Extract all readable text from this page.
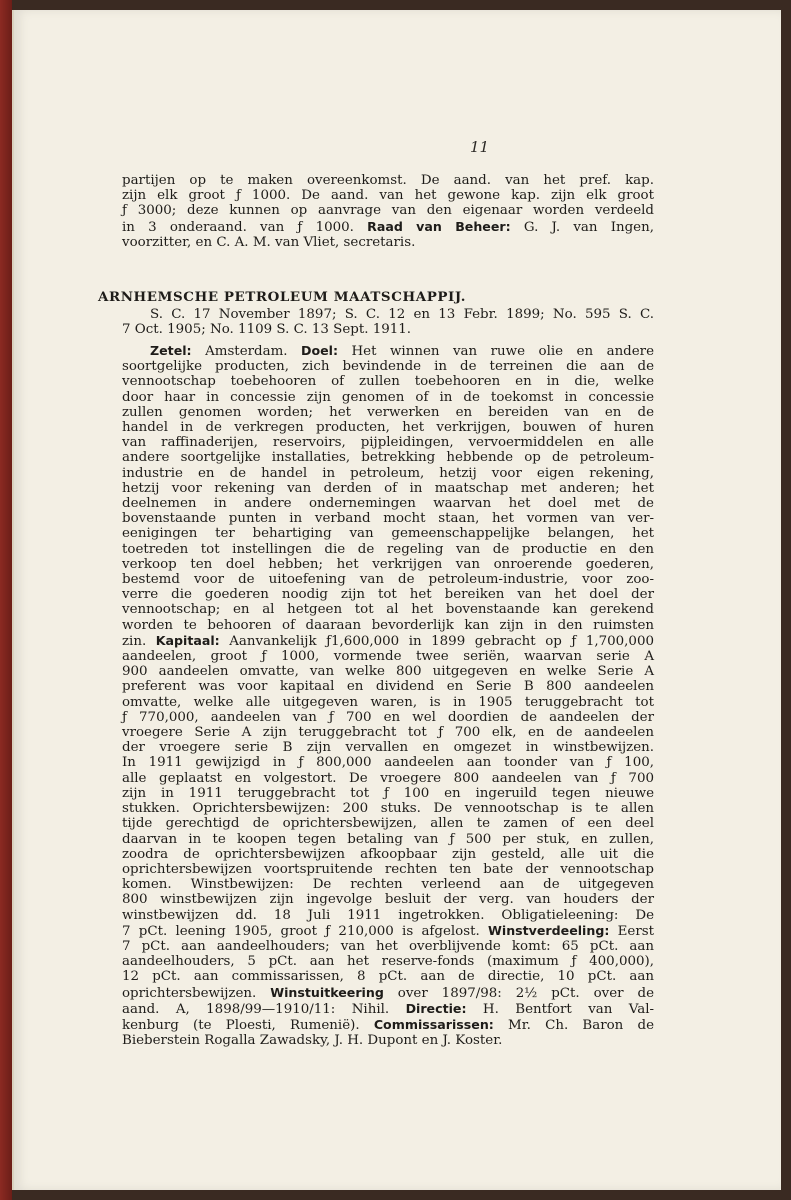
11
partijen op te maken overeenkomst. De aand. van het pref. kap.
zijn elk groot ƒ 1000. De aand. van het gewone kap. zijn elk groot
ƒ 3000; deze kunnen op aanvrage van den eigenaar worden verdeeld
in 3 onderaand. van ƒ 1000. Raad van Beheer: G. J. van Ingen,
voorzitter, en C. A. M. van Vliet, secretaris.
ARNHEMSCHE PETROLEUM MAATSCHAPPIJ.
S. C. 17 November 1897; S. C. 12 en 13 Febr. 1899; No. 595 S. C.
7 Oct. 1905; No. 1109 S. C. 13 Sept. 1911.
Zetel: Amsterdam. Doel: Het winnen van ruwe olie en andere
soortgelijke producten, zich bevindende in de terreinen die aan de
vennootschap toebehooren of zullen toebehooren en in die, welke
door haar in concessie zijn genomen of in de toekomst in concessie
zullen genomen worden; het verwerken en bereiden van en de
handel in de verkregen producten, het verkrijgen, bouwen of huren
van raffinaderijen, reservoirs, pijpleidingen, vervoermiddelen en alle
andere soortgelijke installaties, betrekking hebbende op de petroleum-
industrie en de handel in petroleum, hetzij voor eigen rekening,
hetzij voor rekening van derden of in maatschap met anderen; het
deelnemen in andere ondernemingen waarvan het doel met de
bovenstaande punten in verband mocht staan, het vormen van ver-
eenigingen ter behartiging van gemeenschappelijke belangen, het
toetreden tot instellingen die de regeling van de productie en den
verkoop ten doel hebben; het verkrijgen van onroerende goederen,
bestemd voor de uitoefening van de petroleum-industrie, voor zoo-
verre die goederen noodig zijn tot het bereiken van het doel der
vennootschap; en al hetgeen tot al het bovenstaande kan gerekend
worden te behooren of daaraan bevorderlijk kan zijn in den ruimsten
zin. Kapitaal: Aanvankelijk ƒ1,600,000 in 1899 gebracht op ƒ 1,700,000
aandeelen, groot ƒ 1000, vormende twee seriën, waarvan serie A
900 aandeelen omvatte, van welke 800 uitgegeven en welke Serie A
preferent was voor kapitaal en dividend en Serie B 800 aandeelen
omvatte, welke alle uitgegeven waren, is in 1905 teruggebracht tot
ƒ 770,000, aandeelen van ƒ 700 en wel doordien de aandeelen der
vroegere Serie A zijn teruggebracht tot ƒ 700 elk, en de aandeelen
der vroegere serie B zijn vervallen en omgezet in winstbewijzen.
In 1911 gewijzigd in ƒ 800,000 aandeelen aan toonder van ƒ 100,
alle geplaatst en volgestort. De vroegere 800 aandeelen van ƒ 700
zijn in 1911 teruggebracht tot ƒ 100 en ingeruild tegen nieuwe
stukken. Oprichtersbewijzen: 200 stuks. De vennootschap is te allen
tijde gerechtigd de oprichtersbewijzen, allen te zamen of een deel
daarvan in te koopen tegen betaling van ƒ 500 per stuk, en zullen,
zoodra de oprichtersbewijzen afkoopbaar zijn gesteld, alle uit die
oprichtersbewijzen voortspruitende rechten ten bate der vennootschap
komen. Winstbewijzen: De rechten verleend aan de uitgegeven
800 winstbewijzen zijn ingevolge besluit der verg. van houders der
winstbewijzen dd. 18 Juli 1911 ingetrokken. Obligatieleening: De
7 pCt. leening 1905, groot ƒ 210,000 is afgelost. Winstverdeeling: Eerst
7 pCt. aan aandeelhouders; van het overblijvende komt: 65 pCt. aan
aandeelhouders, 5 pCt. aan het reserve-fonds (maximum ƒ 400,000),
12 pCt. aan commissarissen, 8 pCt. aan de directie, 10 pCt. aan
oprichtersbewijzen. Winstuitkeering over 1897/98: 2½ pCt. over de
aand. A, 1898/99—1910/11: Nihil. Directie: H. Bentfort van Val-
kenburg (te Ploesti, Rumenië). Commissarissen: Mr. Ch. Baron de
Bieberstein Rogalla Zawadsky, J. H. Dupont en J. Koster.
